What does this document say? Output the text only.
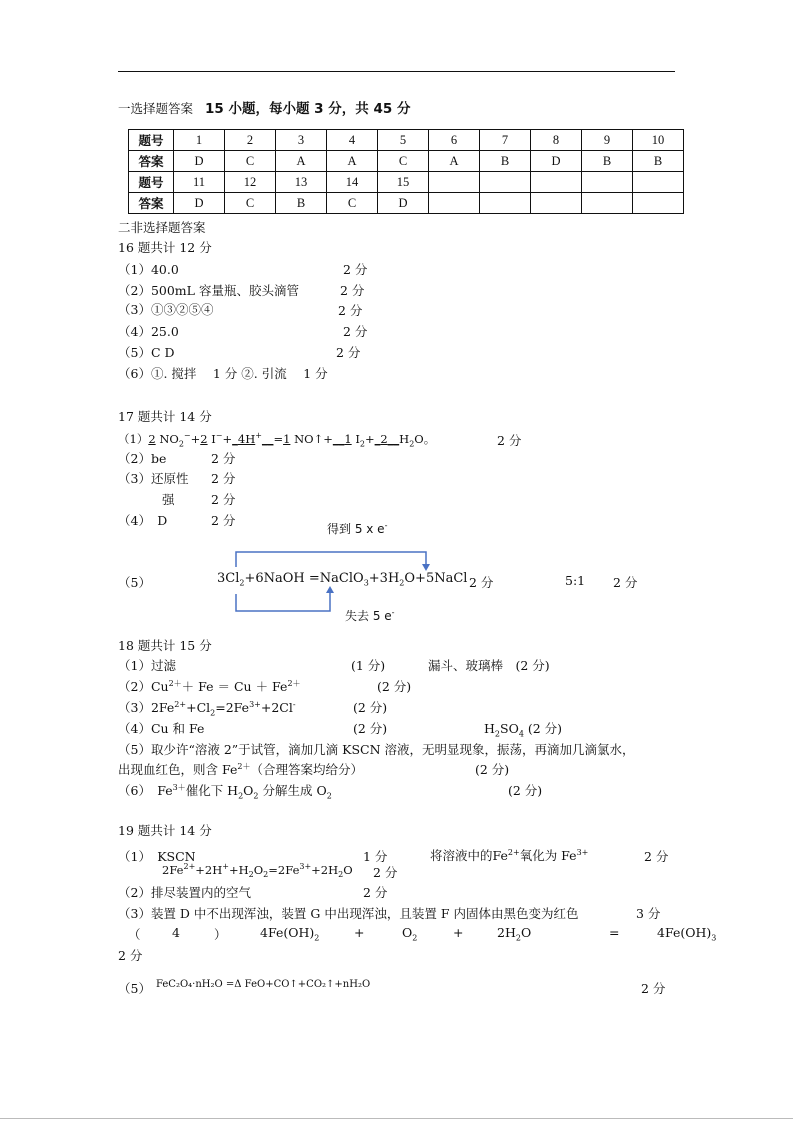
一选择题答案 15 小题，每小题 3 分，共 45 分
题号	1	2	3	4	5	6	7	8	9	10
答案	D	C	A	A	C	A	B	D	B	B
题号	11	12	13	14	15					
答案	D	C	B	C	D					
二非选择题答案
16 题共计 12 分
（1）40.0	2 分
（2）500mL 容量瓶、胶头滴管	2 分
（3）①③②⑤④	2 分
（4）25.0	2 分
（5）C D	2 分
（6）①. 搅拌　 1 分 ②. 引流　 1 分
17 题共计 14 分
（1）2 $NO_2^-+2$ I−+_4H+__=1 NO↑+__1 $I_2+\_2\_\_H_2O$。	2 分
（2）be	2 分
（3）还原性 2 分
强	2 分
（4）　D	2 分
得到 5 x e-
（5）	$3Cl_2+6NaOH$ $=NaClO_3+3H_2O+5NaCl$ 2 分	5:1 2 分
失去 5 e-
18 题共计 15 分
（1）过滤	(1 分)	漏斗、玻璃棒　(2 分)
$(2)Cu^{2+}+ Fe = Cu + Fe^{2+}$	(2 分)
$(3)2Fe^{2+}+Cl_2=2Fe^{3+}+2Cl^-$	(2 分)
（4）Cu 和 Fe	(2 分)	$H_2SO_4$ (2 分)
（5）取少许“溶液 2”于试管，滴加几滴 KSCN 溶液，无明显现象，振荡，再滴加几滴氯水，
出现血红色，则含 $Fe^{2+}$（合理答案均给分）	(2 分)
（6）　$Fe^{3+}$催化下 $H_2O_2$ 分解生成 $O_2$	(2 分)
19 题共计 14 分
（1）　KSCN	1 分	将溶液中的$Fe^{2+}$氧化为 $Fe^{3+}$	2 分
$2Fe^{2+}+2H^++H_2O_2=2Fe^{3+}+2H_2O$ 2 分
（2）排尽装置内的空气	2 分
（3）装置 D 中不出现浑浊，装置 G 中出现浑浊，且装置 F 内固体由黑色变为红色	3 分
（	4	）	$4Fe(OH)_2$	+	$O_2$	+	$2H_2O$	=	$4Fe(OH)_3$
2 分
（5） FeC₂O₄·nH₂O =Δ FeO+CO↑+CO₂↑+nH₂O	2 分
